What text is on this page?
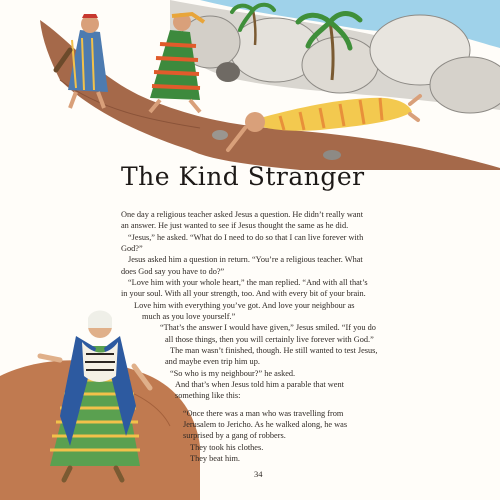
The Kind Stranger

One day a religious teacher asked Jesus a question. He didn’t really want

an answer. He just wanted to see if Jesus thought the same as he did.

“Jesus,” he asked. “What do I need to do so that I can live forever with

God?”

Jesus asked him a question in return. “You’re a religious teacher. What

does God say you have to do?”

“Love him with your whole heart,” the man replied. “And with all that’s

in your soul. With all your strength, too. And with every bit of your brain.

Love him with everything you’ve got. And love your neighbour as

much as you love yourself.”

“That’s the answer I would have given,” Jesus smiled. “If you do

all those things, then you will certainly live forever with God.”

The man wasn’t finished, though. He still wanted to test Jesus,

and maybe even trip him up.

“So who is my neighbour?” he asked.

And that’s when Jesus told him a parable that went

something like this:

“Once there was a man who was travelling from

Jerusalem to Jericho. As he walked along, he was

surprised by a gang of robbers.

They took his clothes.

They beat him.

34
